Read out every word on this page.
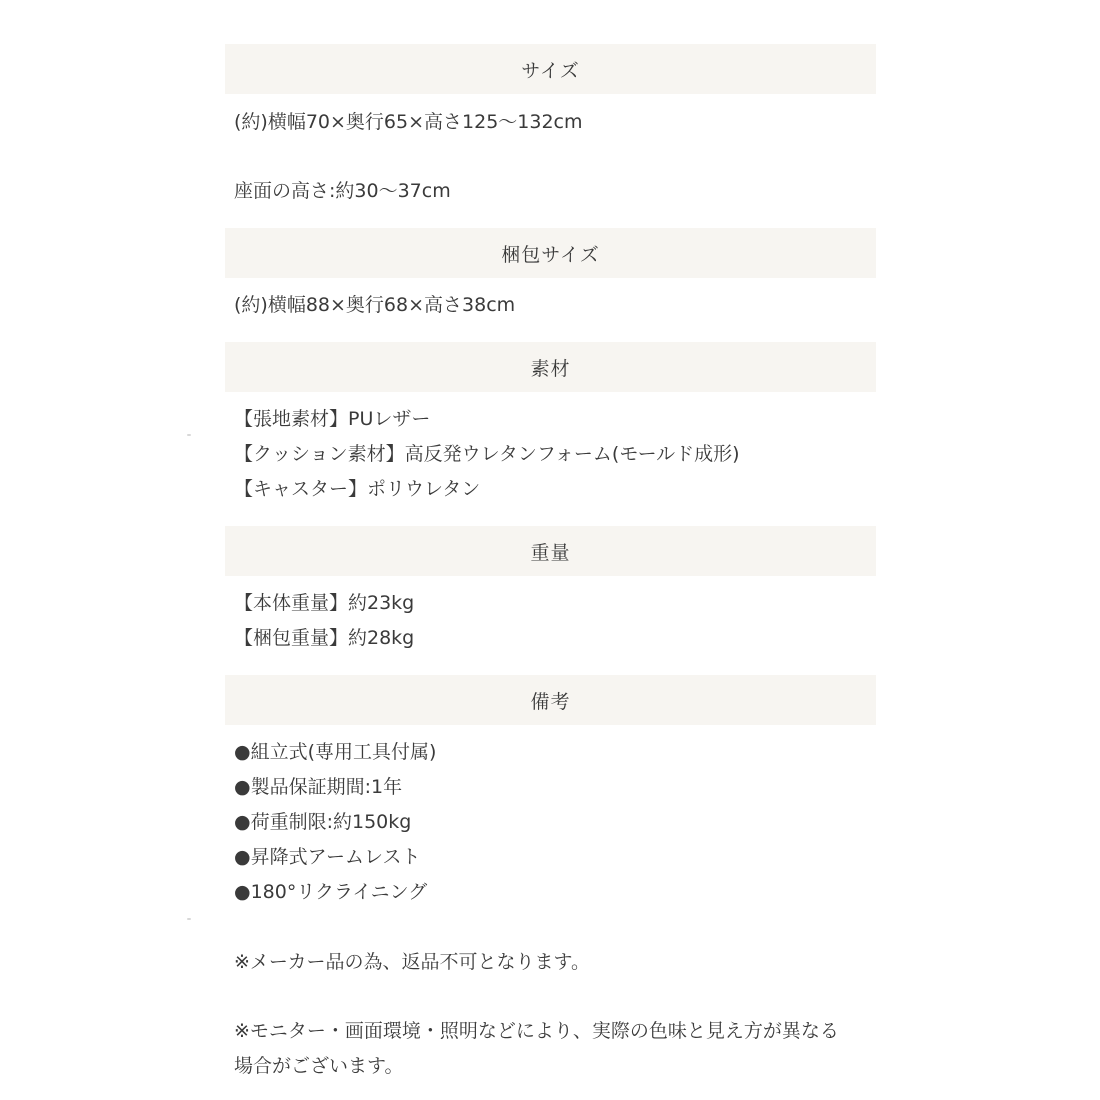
サイズ
(約)横幅70×奥行65×高さ125〜132cm
座面の高さ:約30〜37cm
梱包サイズ
(約)横幅88×奥行68×高さ38cm
素材
【張地素材】PUレザー
【クッション素材】高反発ウレタンフォーム(モールド成形)
【キャスター】ポリウレタン
重量
【本体重量】約23kg
【梱包重量】約28kg
備考
●組立式(専用工具付属)
●製品保証期間:1年
●荷重制限:約150kg
●昇降式アームレスト
●180°リクライニング
※メーカー品の為、返品不可となります。
※モニター・画面環境・照明などにより、実際の色味と見え方が異なる
場合がございます。
